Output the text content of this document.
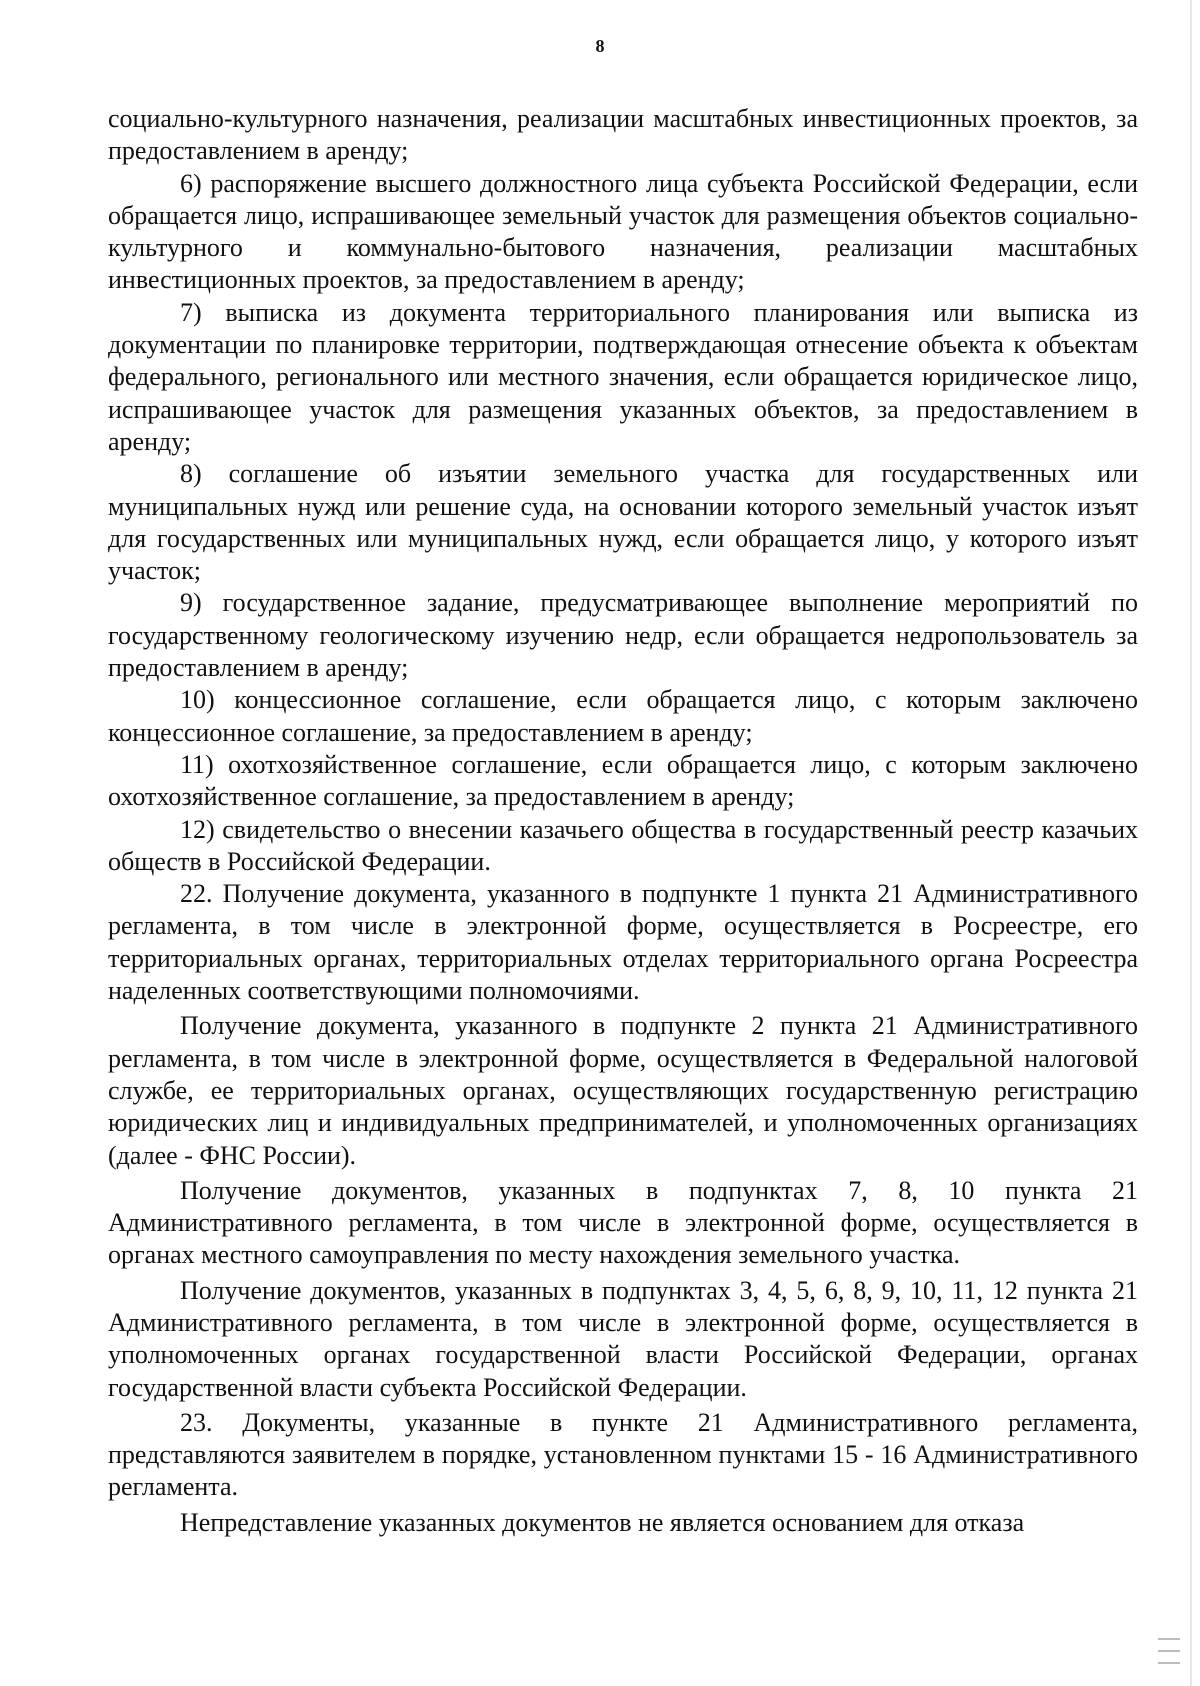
8

социально-культурного назначения, реализации масштабных инвестиционных проектов, за предоставлением в аренду;

6) распоряжение высшего должностного лица субъекта Российской Федерации, если обращается лицо, испрашивающее земельный участок для размещения объектов социально-культурного и коммунально-бытового назначения, реализации масштабных инвестиционных проектов, за предоставлением в аренду;

7) выписка из документа территориального планирования или выписка из документации по планировке территории, подтверждающая отнесение объекта к объектам федерального, регионального или местного значения, если обращается юридическое лицо, испрашивающее участок для размещения указанных объектов, за предоставлением в аренду;

8) соглашение об изъятии земельного участка для государственных или муниципальных нужд или решение суда, на основании которого земельный участок изъят для государственных или муниципальных нужд, если обращается лицо, у которого изъят участок;

9) государственное задание, предусматривающее выполнение мероприятий по государственному геологическому изучению недр, если обращается недропользователь за предоставлением в аренду;

10) концессионное соглашение, если обращается лицо, с которым заключено концессионное соглашение, за предоставлением в аренду;

11) охотхозяйственное соглашение, если обращается лицо, с которым заключено охотхозяйственное соглашение, за предоставлением в аренду;

12) свидетельство о внесении казачьего общества в государственный реестр казачьих обществ в Российской Федерации.

22. Получение документа, указанного в подпункте 1 пункта 21 Административного регламента, в том числе в электронной форме, осуществляется в Росреестре, его территориальных органах, территориальных отделах территориального органа Росреестра наделенных соответствующими полномочиями.

Получение документа, указанного в подпункте 2 пункта 21 Административного регламента, в том числе в электронной форме, осуществляется в Федеральной налоговой службе, ее территориальных органах, осуществляющих государственную регистрацию юридических лиц и индивидуальных предпринимателей, и уполномоченных организациях (далее - ФНС России).

Получение документов, указанных в подпунктах 7, 8, 10 пункта 21 Административного регламента, в том числе в электронной форме, осуществляется в органах местного самоуправления по месту нахождения земельного участка.

Получение документов, указанных в подпунктах 3, 4, 5, 6, 8, 9, 10, 11, 12 пункта 21 Административного регламента, в том числе в электронной форме, осуществляется в уполномоченных органах государственной власти Российской Федерации, органах государственной власти субъекта Российской Федерации.

23. Документы, указанные в пункте 21 Административного регламента, представляются заявителем в порядке, установленном пунктами 15 - 16 Административного регламента.

Непредставление указанных документов не является основанием для отказа
